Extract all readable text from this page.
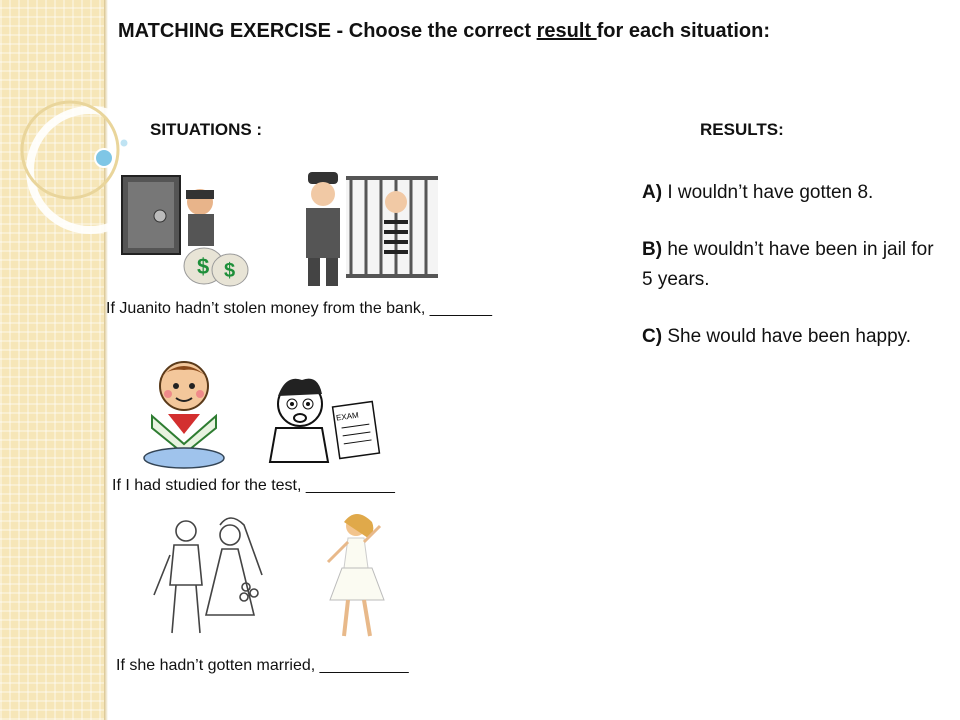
MATCHING EXERCISE - Choose the correct result for each situation:
SITUATIONS :	RESULTS:
$ $
If Juanito hadn’t stolen money from the bank, _______
EXAM
If I had studied for the test, __________
If she hadn’t gotten married, __________
A) I wouldn’t have gotten 8.
B) he wouldn’t have been in jail for 5 years.
C) She would have been happy.
